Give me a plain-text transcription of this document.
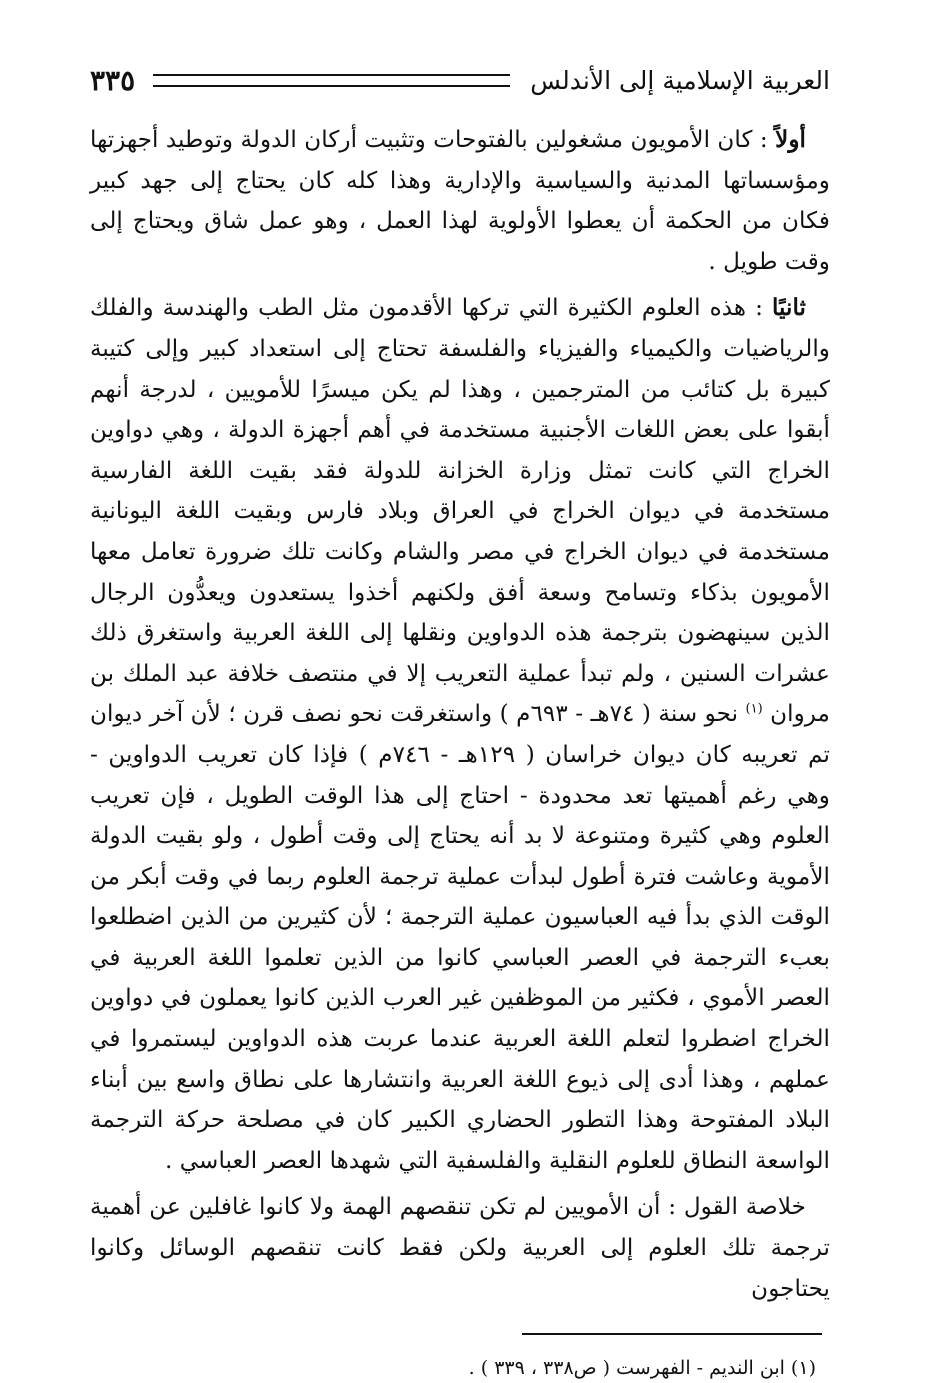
العربية الإسلامية إلى الأندلس
٣٣٥

أولاً : كان الأمويون مشغولين بالفتوحات وتثبيت أركان الدولة وتوطيد أجهزتها ومؤسساتها المدنية والسياسية والإدارية وهذا كله كان يحتاج إلى جهد كبير فكان من الحكمة أن يعطوا الأولوية لهذا العمل ، وهو عمل شاق ويحتاج إلى وقت طويل .

ثانيًا : هذه العلوم الكثيرة التي تركها الأقدمون مثل الطب والهندسة والفلك والرياضيات والكيمياء والفيزياء والفلسفة تحتاج إلى استعداد كبير وإلى كتيبة كبيرة بل كتائب من المترجمين ، وهذا لم يكن ميسرًا للأمويين ، لدرجة أنهم أبقوا على بعض اللغات الأجنبية مستخدمة في أهم أجهزة الدولة ، وهي دواوين الخراج التي كانت تمثل وزارة الخزانة للدولة فقد بقيت اللغة الفارسية مستخدمة في ديوان الخراج في العراق وبلاد فارس وبقيت اللغة اليونانية مستخدمة في ديوان الخراج في مصر والشام وكانت تلك ضرورة تعامل معها الأمويون بذكاء وتسامح وسعة أفق ولكنهم أخذوا يستعدون ويعدُّون الرجال الذين سينهضون بترجمة هذه الدواوين ونقلها إلى اللغة العربية واستغرق ذلك عشرات السنين ، ولم تبدأ عملية التعريب إلا في منتصف خلافة عبد الملك بن مروان $^{(١)}$ نحو سنة ( ٧٤هـ - ٦٩٣م ) واستغرقت نحو نصف قرن ؛ لأن آخر ديوان تم تعريبه كان ديوان خراسان ( ١٢٩هـ - ٧٤٦م ) فإذا كان تعريب الدواوين - وهي رغم أهميتها تعد محدودة - احتاج إلى هذا الوقت الطويل ، فإن تعريب العلوم وهي كثيرة ومتنوعة لا بد أنه يحتاج إلى وقت أطول ، ولو بقيت الدولة الأموية وعاشت فترة أطول لبدأت عملية ترجمة العلوم ربما في وقت أبكر من الوقت الذي بدأ فيه العباسيون عملية الترجمة ؛ لأن كثيرين من الذين اضطلعوا بعبء الترجمة في العصر العباسي كانوا من الذين تعلموا اللغة العربية في العصر الأموي ، فكثير من الموظفين غير العرب الذين كانوا يعملون في دواوين الخراج اضطروا لتعلم اللغة العربية عندما عربت هذه الدواوين ليستمروا في عملهم ، وهذا أدى إلى ذيوع اللغة العربية وانتشارها على نطاق واسع بين أبناء البلاد المفتوحة وهذا التطور الحضاري الكبير كان في مصلحة حركة الترجمة الواسعة النطاق للعلوم النقلية والفلسفية التي شهدها العصر العباسي .

خلاصة القول : أن الأمويين لم تكن تنقصهم الهمة ولا كانوا غافلين عن أهمية ترجمة تلك العلوم إلى العربية ولكن فقط كانت تنقصهم الوسائل وكانوا يحتاجون

(١) ابن النديم - الفهرست ( ص٣٣٨ ، ٣٣٩ ) .
